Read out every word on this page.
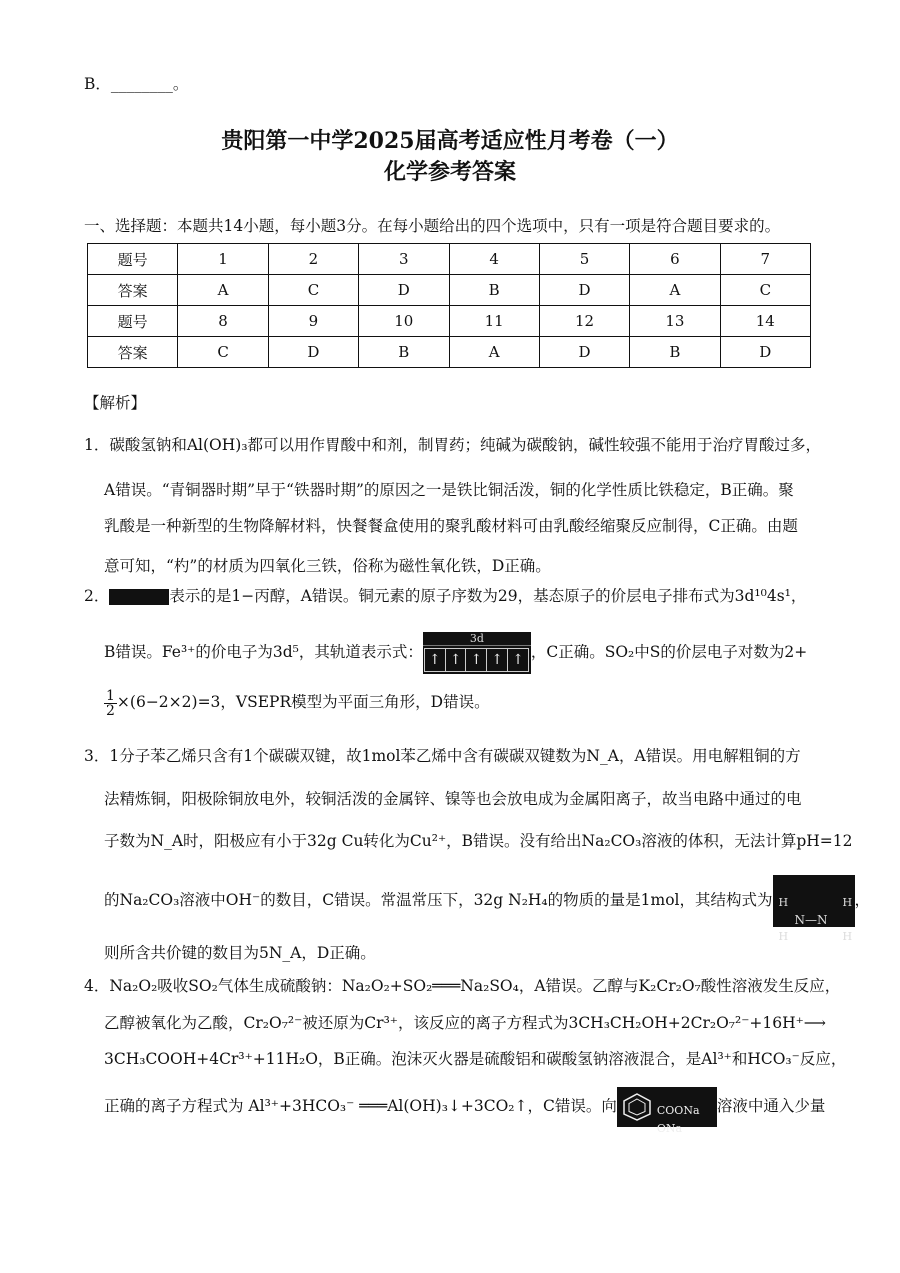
B．________。
贵阳第一中学2025届高考适应性月考卷（一）
化学参考答案
一、选择题：本题共14小题，每小题3分。在每小题给出的四个选项中，只有一项是符合题目要求的。
题号	1	2	3	4	5	6	7
答案	A	C	D	B	D	A	C
题号	8	9	10	11	12	13	14
答案	C	D	B	A	D	B	D
【解析】
1．碳酸氢钠和Al(OH)₃都可以用作胃酸中和剂，制胃药；纯碱为碳酸钠，碱性较强不能用于治疗胃酸过多，
A错误。“青铜器时期”早于“铁器时期”的原因之一是铁比铜活泼，铜的化学性质比铁稳定，B正确。聚
乳酸是一种新型的生物降解材料，快餐餐盒使用的聚乳酸材料可由乳酸经缩聚反应制得，C正确。由题
意可知，“杓”的材质为四氧化三铁，俗称为磁性氧化铁，D正确。
2．	表示的是1−丙醇，A错误。铜元素的原子序数为29，基态原子的价层电子排布式为3d¹⁰4s¹，
B错误。Fe³⁺的价电子为3d⁵，其轨道表示式：
3d
↑ ↑ ↑ ↑ ↑ ，C正确。SO₂中S的价层电子对数为2+
$\frac{1}{2} \times(6-2\times 2)=3$，VSEPR模型为平面三角形，D错误。
3．1分子苯乙烯只含有1个碳碳双键，故1mol苯乙烯中含有碳碳双键数为N_A，A错误。用电解粗铜的方
法精炼铜，阳极除铜放电外，较铜活泼的金属锌、镍等也会放电成为金属阳离子，故当电路中通过的电
子数为N_A时，阳极应有小于32g Cu转化为Cu²⁺，B错误。没有给出Na₂CO₃溶液的体积，无法计算pH=12
的Na₂CO₃溶液中OH⁻的数目，C错误。常温常压下，32g N₂H₄的物质的量是1mol，其结构式为 H	H
H	H
N—N
，
则所含共价键的数目为5N_A，D正确。
4．Na₂O₂吸收SO₂气体生成硫酸钠：Na₂O₂+SO₂═══Na₂SO₄，A错误。乙醇与K₂Cr₂O₇酸性溶液发生反应，
乙醇被氧化为乙酸，Cr₂O₇²⁻被还原为Cr³⁺，该反应的离子方程式为3CH₃CH₂OH+2Cr₂O₇²⁻+16H⁺⟶
3CH₃COOH+4Cr³⁺+11H₂O，B正确。泡沫灭火器是硫酸铝和碳酸氢钠溶液混合，是Al³⁺和HCO₃⁻反应，
正确的离子方程式为 Al³⁺+3HCO₃⁻ ═══Al(OH)₃↓+3CO₂↑，C错误。向	COONa
ONa
溶液中通入少量
